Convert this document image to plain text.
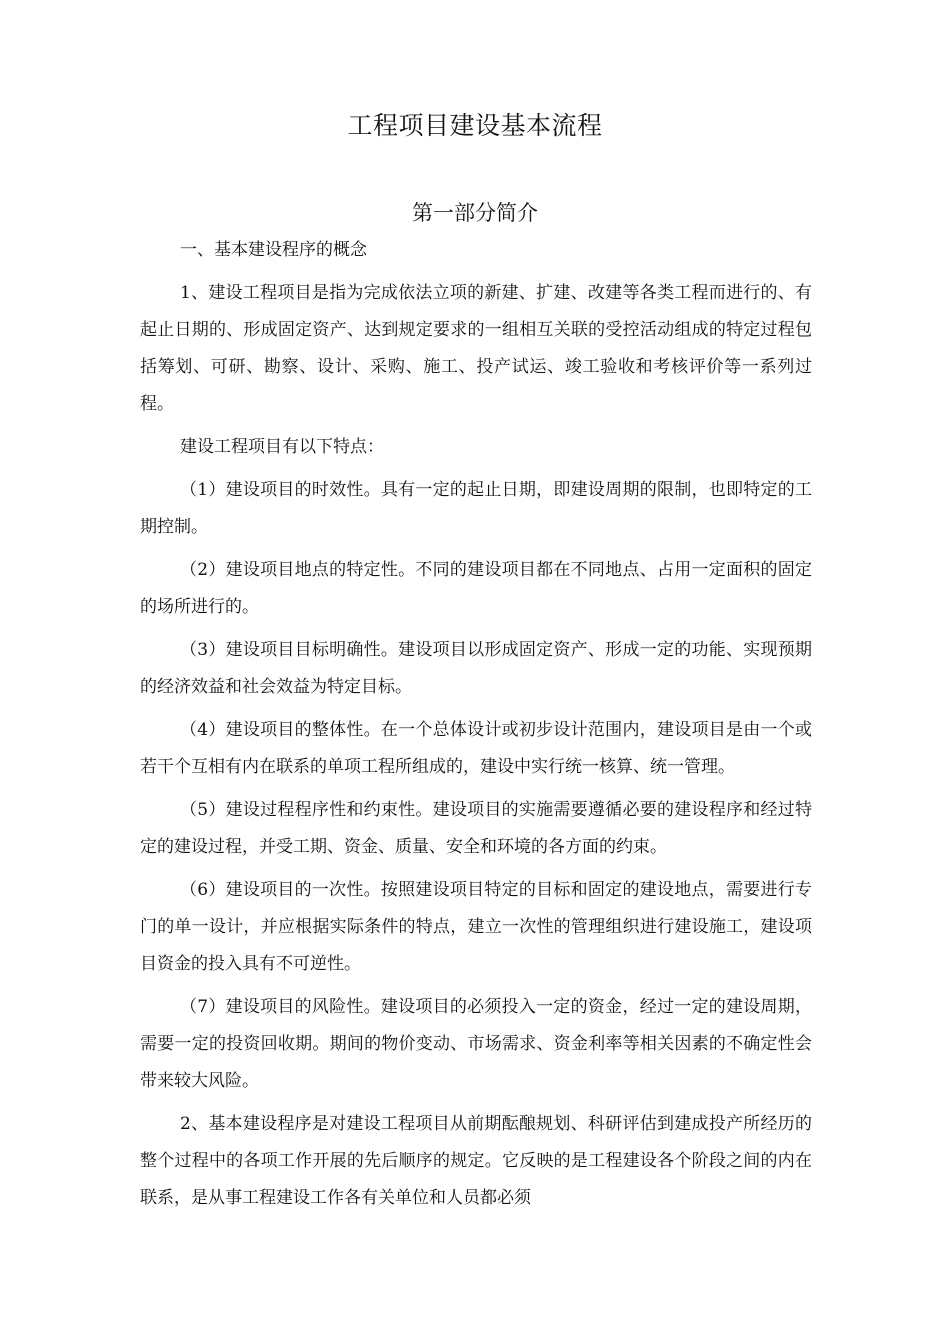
工程项目建设基本流程
第一部分简介

一、基本建设程序的概念

1、建设工程项目是指为完成依法立项的新建、扩建、改建等各类工程而进行的、有起止日期的、形成固定资产、达到规定要求的一组相互关联的受控活动组成的特定过程包括筹划、可研、勘察、设计、采购、施工、投产试运、竣工验收和考核评价等一系列过程。

建设工程项目有以下特点：

（1）建设项目的时效性。具有一定的起止日期，即建设周期的限制，也即特定的工期控制。

（2）建设项目地点的特定性。不同的建设项目都在不同地点、占用一定面积的固定的场所进行的。

（3）建设项目目标明确性。建设项目以形成固定资产、形成一定的功能、实现预期的经济效益和社会效益为特定目标。

（4）建设项目的整体性。在一个总体设计或初步设计范围内，建设项目是由一个或若干个互相有内在联系的单项工程所组成的，建设中实行统一核算、统一管理。

（5）建设过程程序性和约束性。建设项目的实施需要遵循必要的建设程序和经过特定的建设过程，并受工期、资金、质量、安全和环境的各方面的约束。

（6）建设项目的一次性。按照建设项目特定的目标和固定的建设地点，需要进行专门的单一设计，并应根据实际条件的特点，建立一次性的管理组织进行建设施工，建设项目资金的投入具有不可逆性。

（7）建设项目的风险性。建设项目的必须投入一定的资金，经过一定的建设周期，需要一定的投资回收期。期间的物价变动、市场需求、资金利率等相关因素的不确定性会带来较大风险。

2、基本建设程序是对建设工程项目从前期酝酿规划、科研评估到建成投产所经历的整个过程中的各项工作开展的先后顺序的规定。它反映的是工程建设各个阶段之间的内在联系，是从事工程建设工作各有关单位和人员都必须
